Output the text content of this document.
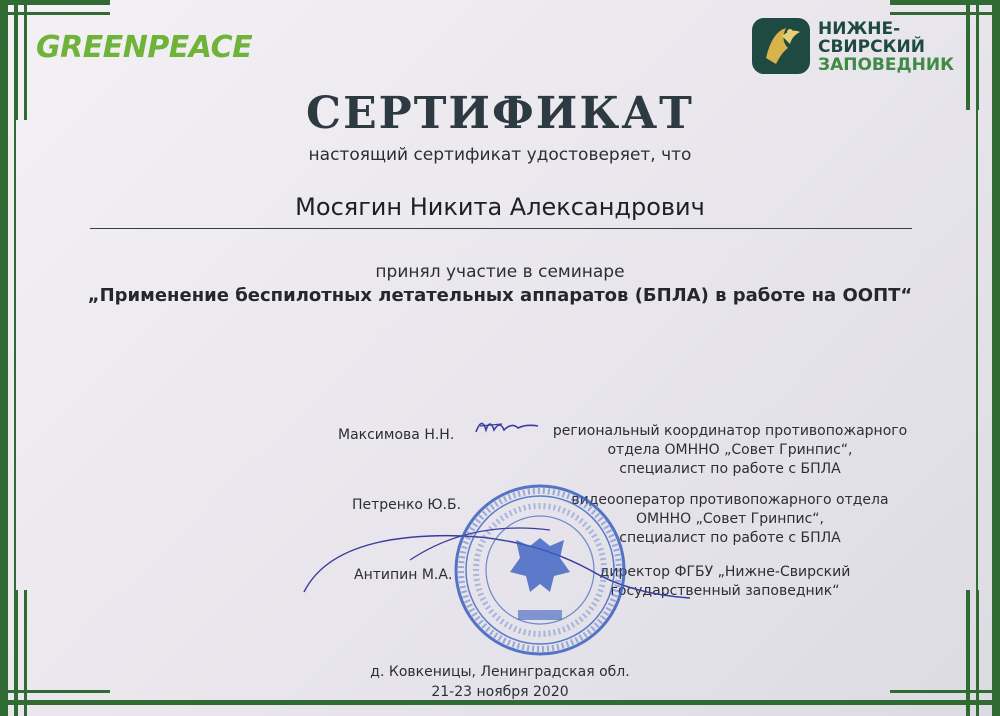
GREENPEACE
НИЖНЕ-
СВИРСКИЙ
ЗАПОВЕДНИК
СЕРТИФИКАТ
настоящий сертификат удостоверяет, что
Мосягин Никита Александрович
принял участие в семинаре
„Применение беспилотных летательных аппаратов (БПЛА) в работе на ООПТ“
Максимова Н.Н.	региональный координатор противопожарного
отдела ОМННО „Совет Гринпис“,
специалист по работе с БПЛА
Петренко Ю.Б.	видеооператор противопожарного отдела
ОМННО „Совет Гринпис“,
специалист по работе с БПЛА
Антипин М.А.	директор ФГБУ „Нижне-Свирский
государственный заповедник“
д. Ковкеницы, Ленинградская обл.
21-23 ноября 2020
